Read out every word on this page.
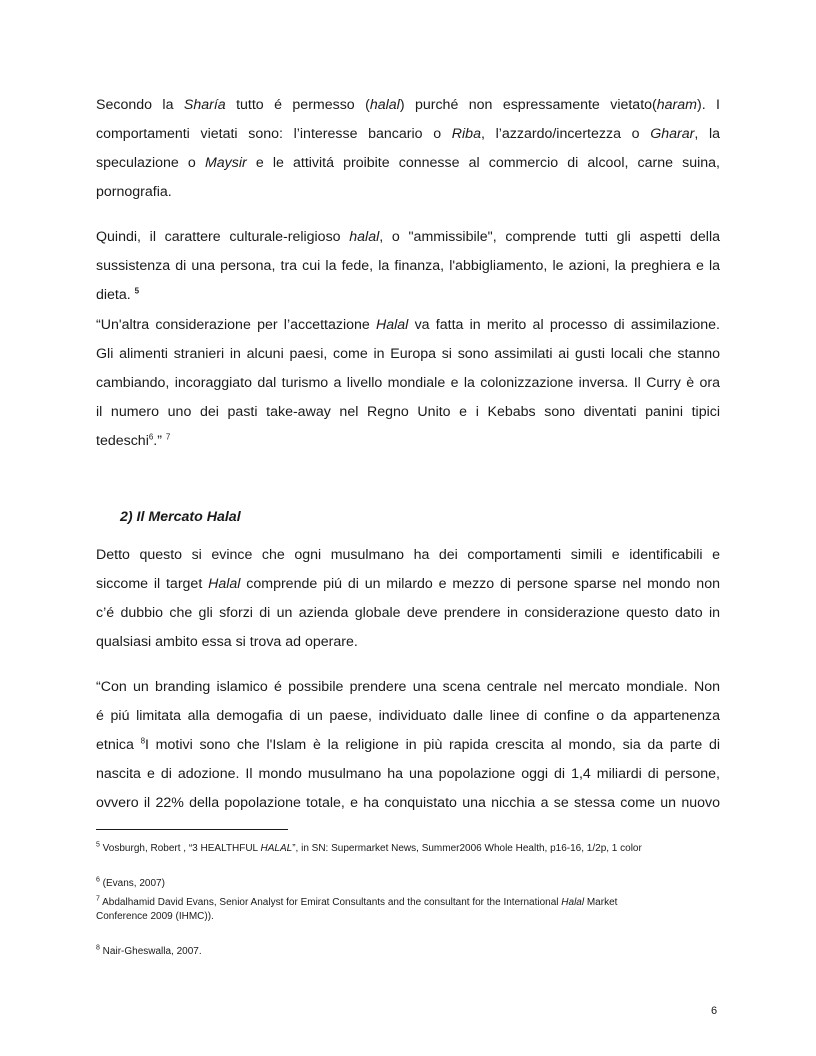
Secondo la Sharía tutto é permesso (halal) purché non espressamente vietato(haram). I
comportamenti vietati sono: l’interesse bancario o Riba, l’azzardo/incertezza o Gharar, la
speculazione o Maysir e le attivitá proibite connesse al commercio di alcool, carne suina,
pornografia.
Quindi, il carattere culturale-religioso halal, o "ammissibile", comprende tutti gli aspetti della
sussistenza di una persona, tra cui la fede, la finanza, l'abbigliamento, le azioni, la preghiera e la
dieta. $^5$
“Un'altra considerazione per l’accettazione Halal va fatta in merito al processo di assimilazione.
Gli alimenti stranieri in alcuni paesi, come in Europa si sono assimilati ai gusti locali che stanno
cambiando, incoraggiato dal turismo a livello mondiale e la colonizzazione inversa. Il Curry è ora
il numero uno dei pasti take-away nel Regno Unito e i Kebabs sono diventati panini tipici
tedeschi$^6$.” $^7$
2) Il Mercato Halal
Detto questo si evince che ogni musulmano ha dei comportamenti simili e identificabili e
siccome il target Halal comprende piú di un milardo e mezzo di persone sparse nel mondo non
c’é dubbio che gli sforzi di un azienda globale deve prendere in considerazione questo dato in
qualsiasi ambito essa si trova ad operare.
“Con un branding islamico é possibile prendere una scena centrale nel mercato mondiale. Non
é piú limitata alla demogafia di un paese, individuato dalle linee di confine o da appartenenza
etnica $^8$I motivi sono che l'Islam è la religione in più rapida crescita al mondo, sia da parte di
nascita e di adozione. Il mondo musulmano ha una popolazione oggi di 1,4 miliardi di persone,
ovvero il 22% della popolazione totale, e ha conquistato una nicchia a se stessa come un nuovo
$^5$ Vosburgh, Robert , “3 HEALTHFUL HALAL”, in SN: Supermarket News, Summer2006 Whole Health, p16-16, 1/2p, 1 color
$^6$ (Evans, 2007)
$^7$ Abdalhamid David Evans, Senior Analyst for Emirat Consultants and the consultant for the International Halal Market
Conference 2009 (IHMC)).
$^8$ Nair-Gheswalla, 2007.
6
